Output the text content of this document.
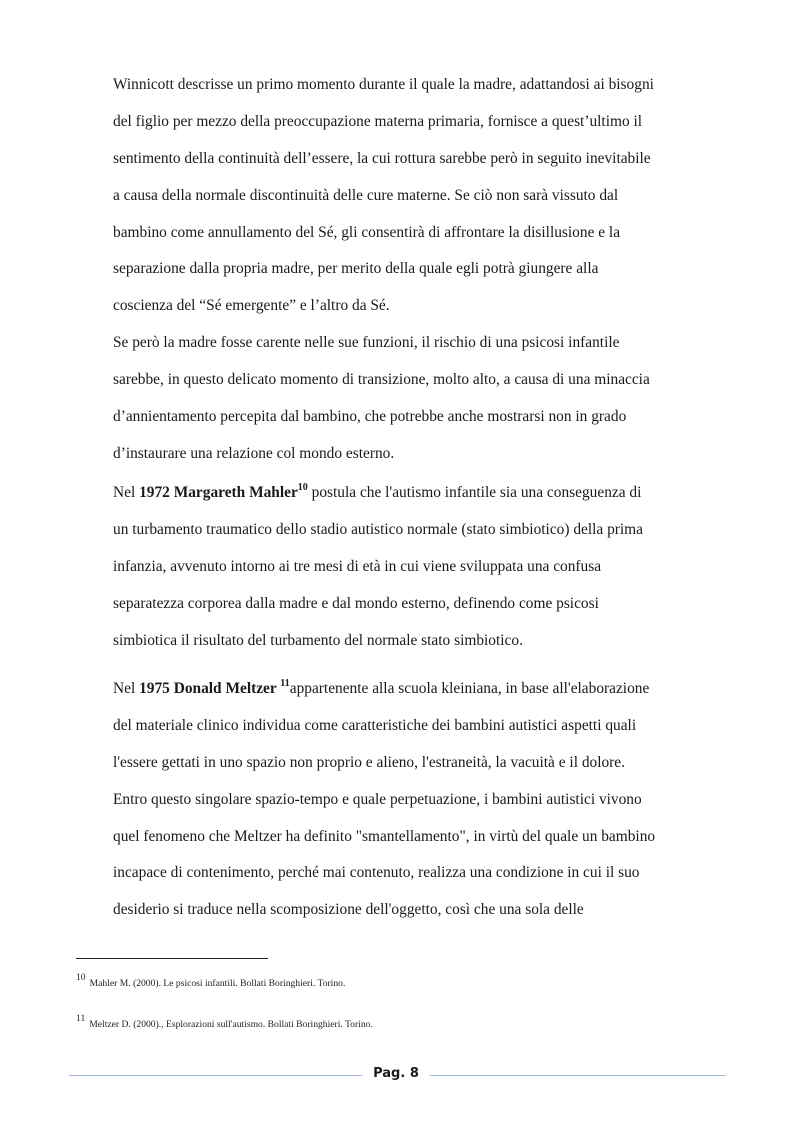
Winnicott descrisse un primo momento durante il quale la madre, adattandosi ai bisogni
del figlio per mezzo della preoccupazione materna primaria, fornisce a quest’ultimo il
sentimento della continuità dell’essere, la cui rottura sarebbe però in seguito inevitabile
a causa della normale discontinuità delle cure materne. Se ciò non sarà vissuto dal
bambino come annullamento del Sé, gli consentirà di affrontare la disillusione e la
separazione dalla propria madre, per merito della quale egli potrà giungere alla
coscienza del “Sé emergente” e l’altro da Sé.
Se però la madre fosse carente nelle sue funzioni, il rischio di una psicosi infantile
sarebbe, in questo delicato momento di transizione, molto alto, a causa di una minaccia
d’annientamento percepita dal bambino, che potrebbe anche mostrarsi non in grado
d’instaurare una relazione col mondo esterno.
Nel 1972 Margareth Mahler$^{10}$ postula che l'autismo infantile sia una conseguenza di
un turbamento traumatico dello stadio autistico normale (stato simbiotico) della prima
infanzia, avvenuto intorno ai tre mesi di età in cui viene sviluppata una confusa
separatezza corporea dalla madre e dal mondo esterno, definendo come psicosi
simbiotica il risultato del turbamento del normale stato simbiotico.
Nel 1975 Donald Meltzer $^{11}$appartenente alla scuola kleiniana, in base all'elaborazione
del materiale clinico individua come caratteristiche dei bambini autistici aspetti quali
l'essere gettati in uno spazio non proprio e alieno, l'estraneità, la vacuità e il dolore.
Entro questo singolare spazio-tempo e quale perpetuazione, i bambini autistici vivono
quel fenomeno che Meltzer ha definito "smantellamento", in virtù del quale un bambino
incapace di contenimento, perché mai contenuto, realizza una condizione in cui il suo
desiderio si traduce nella scomposizione dell'oggetto, così che una sola delle
10Mahler M. (2000). Le psicosi infantili. Bollati Boringhieri. Torino.
11Meltzer D. (2000)., Esplorazioni sull'autismo. Bollati Boringhieri. Torino.
Pag. 8
